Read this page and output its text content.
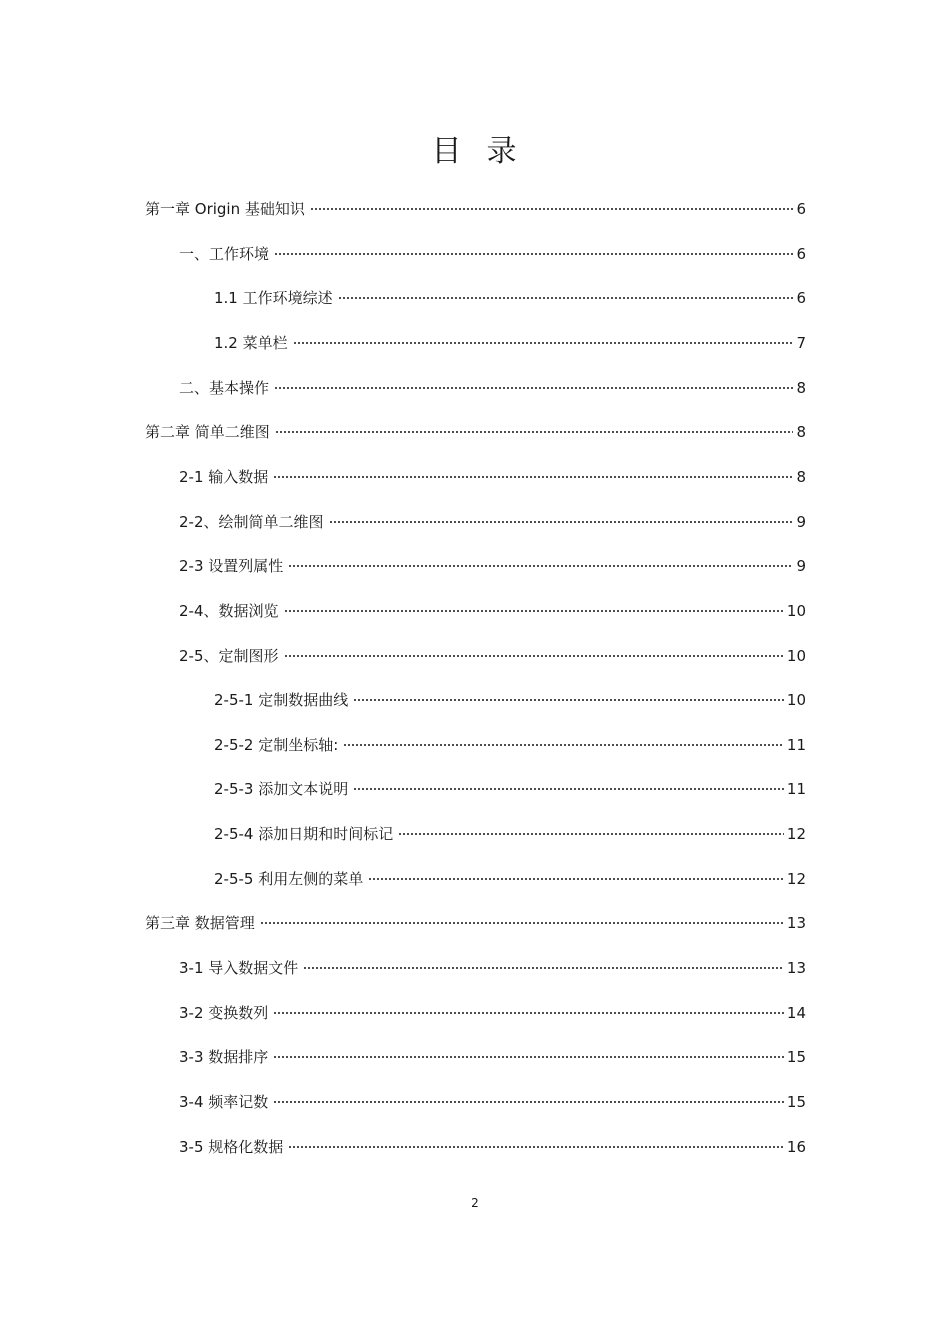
目  录
第一章 Origin 基础知识	6
一、工作环境	6
1.1 工作环境综述	6
1.2 菜单栏	7
二、基本操作	8
第二章 简单二维图	8
2-1 输入数据	8
2-2、绘制简单二维图	9
2-3 设置列属性	9
2-4、数据浏览	10
2-5、定制图形	10
2-5-1 定制数据曲线	10
2-5-2 定制坐标轴:	11
2-5-3 添加文本说明	11
2-5-4 添加日期和时间标记	12
2-5-5 利用左侧的菜单	12
第三章 数据管理	13
3-1 导入数据文件	13
3-2 变换数列	14
3-3 数据排序	15
3-4 频率记数	15
3-5 规格化数据	16
2
